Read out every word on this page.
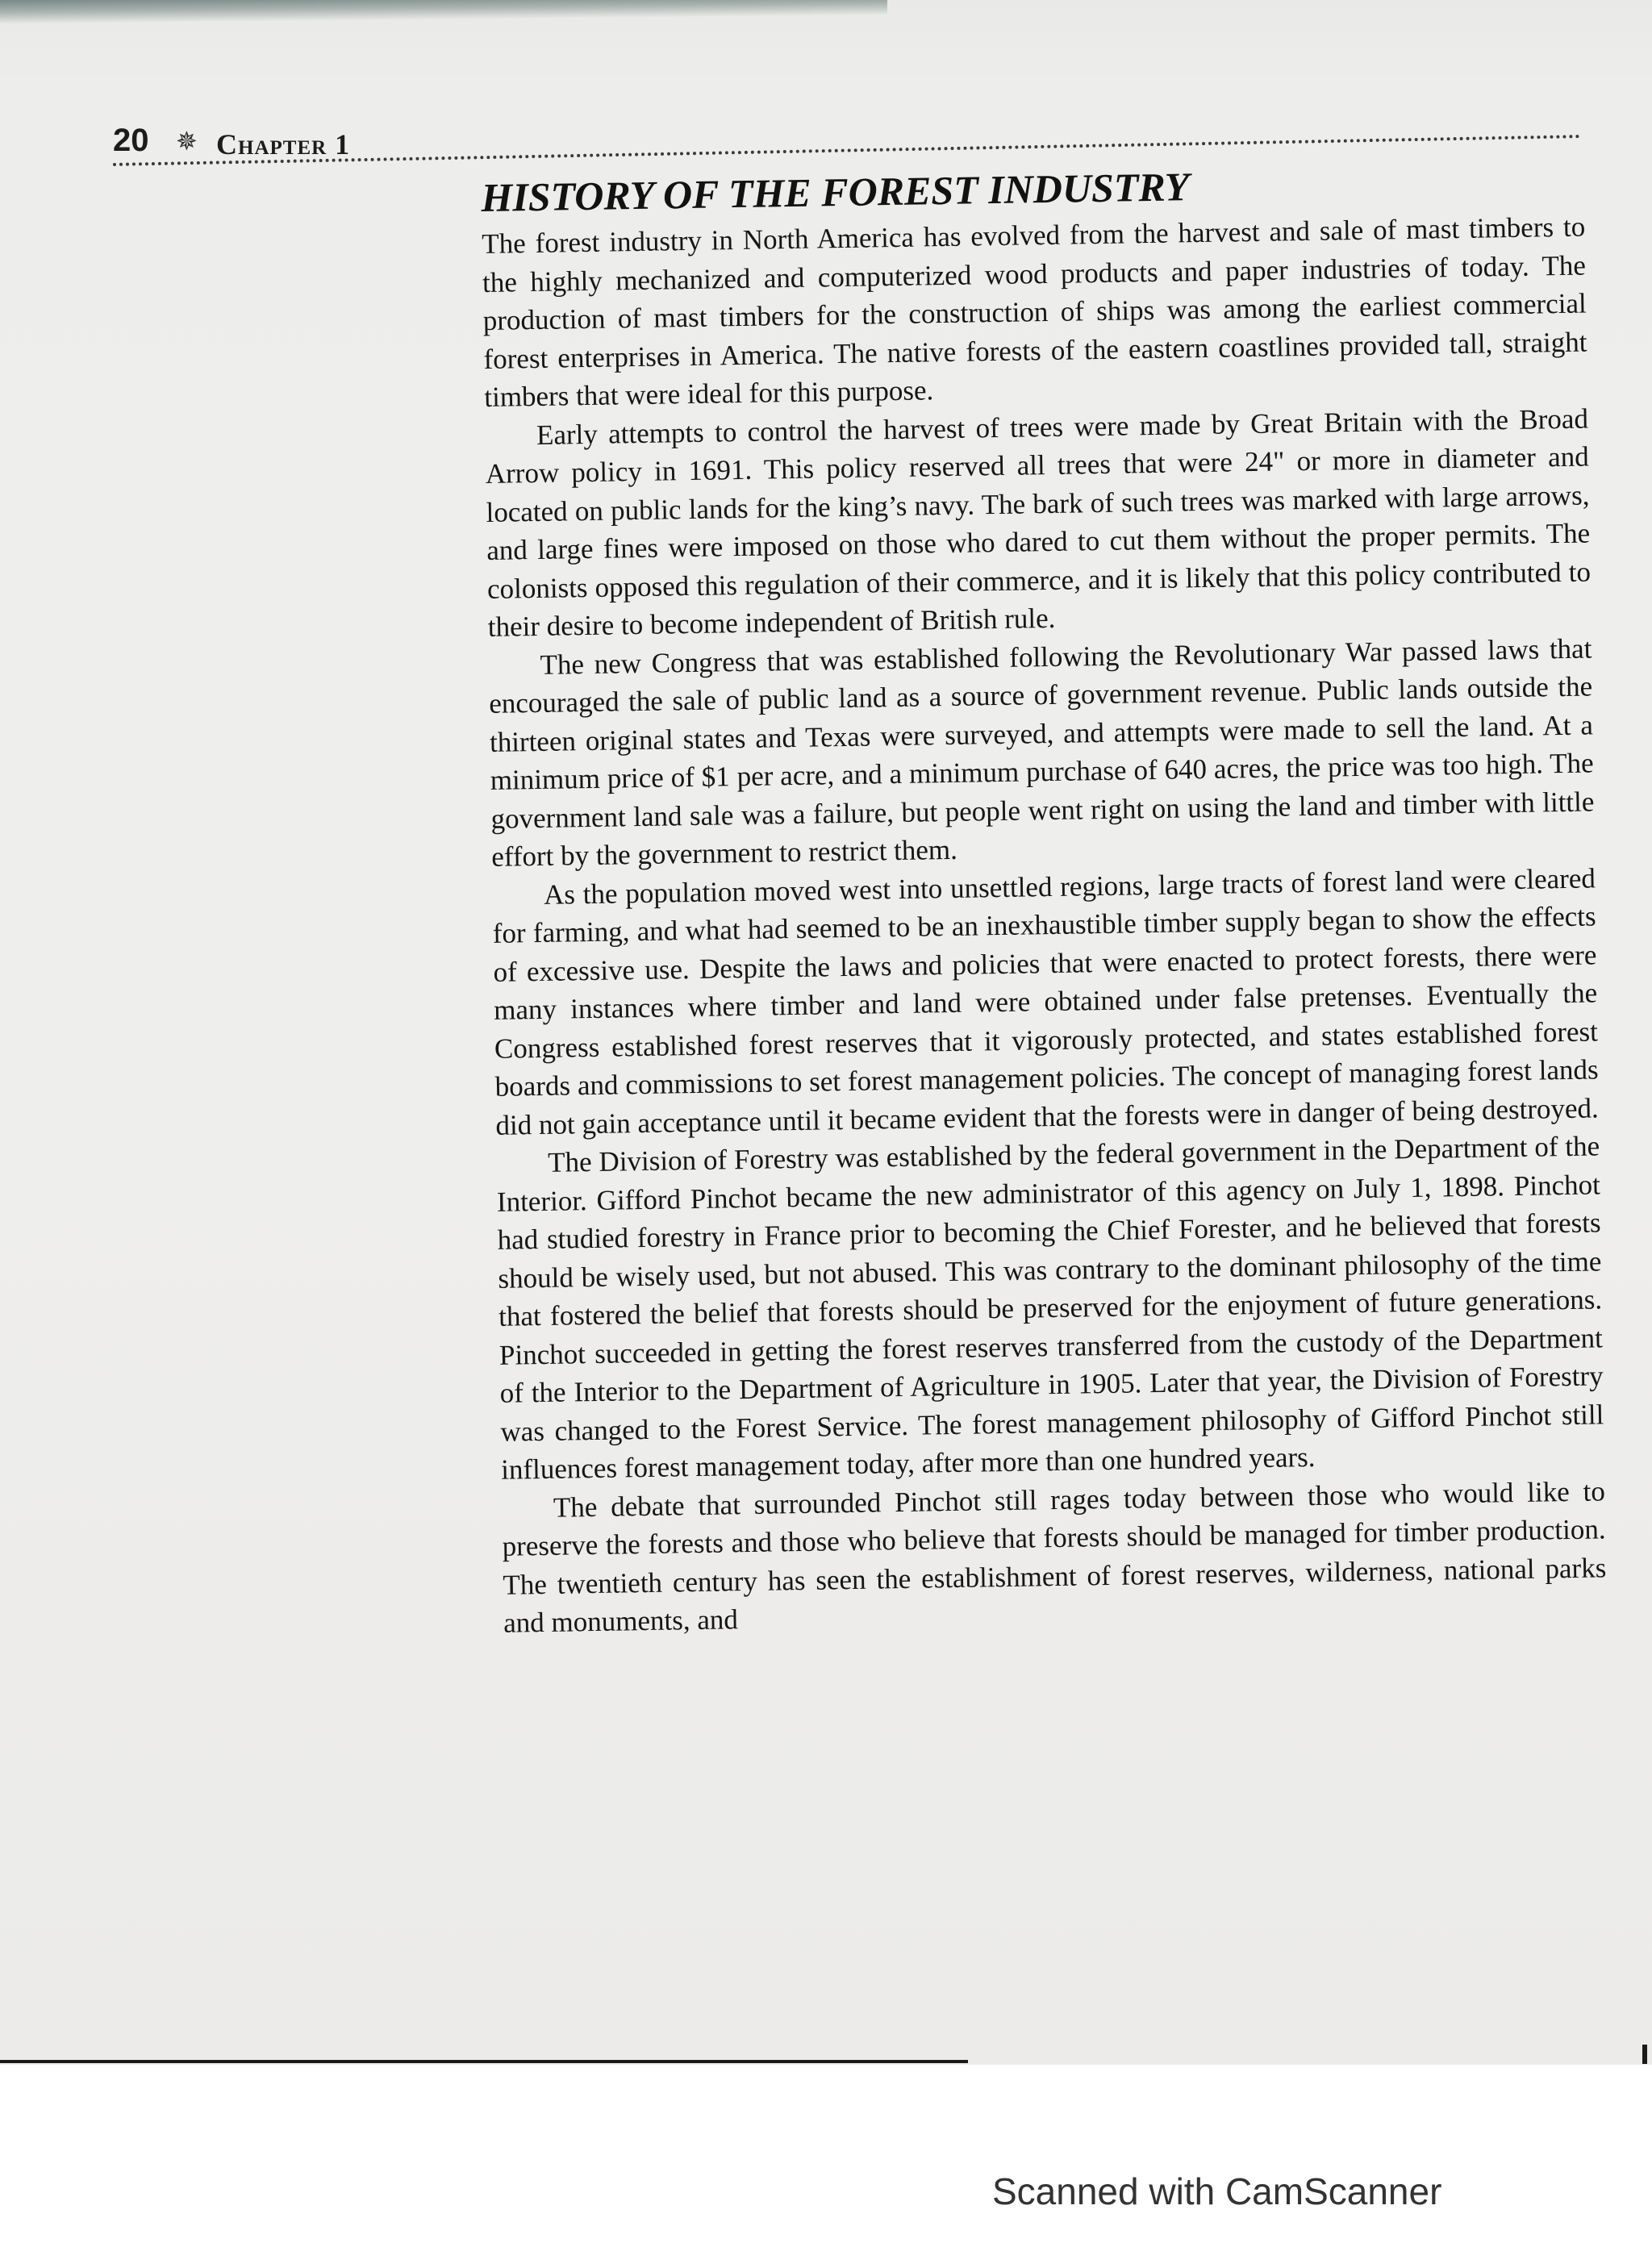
20 ✵ Chapter 1
HISTORY OF THE FOREST INDUSTRY

The forest industry in North America has evolved from the harvest and sale of mast timbers to the highly mechanized and computerized wood products and paper industries of today. The production of mast timbers for the construction of ships was among the earliest commercial forest enterprises in America. The native forests of the eastern coastlines provided tall, straight timbers that were ideal for this purpose.

Early attempts to control the harvest of trees were made by Great Britain with the Broad Arrow policy in 1691. This policy reserved all trees that were 24" or more in diameter and located on public lands for the king’s navy. The bark of such trees was marked with large arrows, and large fines were imposed on those who dared to cut them without the proper permits. The colonists opposed this regulation of their commerce, and it is likely that this policy contributed to their desire to become independent of British rule.

The new Congress that was established following the Revolutionary War passed laws that encouraged the sale of public land as a source of government revenue. Public lands outside the thirteen original states and Texas were surveyed, and attempts were made to sell the land. At a minimum price of $1 per acre, and a minimum purchase of 640 acres, the price was too high. The government land sale was a failure, but people went right on using the land and timber with little effort by the government to restrict them.

As the population moved west into unsettled regions, large tracts of forest land were cleared for farming, and what had seemed to be an inexhaustible timber supply began to show the effects of excessive use. Despite the laws and policies that were enacted to protect forests, there were many instances where timber and land were obtained under false pretenses. Eventually the Congress established forest reserves that it vigorously protected, and states established forest boards and commissions to set forest management policies. The concept of managing forest lands did not gain acceptance until it became evident that the forests were in danger of being destroyed.

The Division of Forestry was established by the federal government in the Department of the Interior. Gifford Pinchot became the new administrator of this agency on July 1, 1898. Pinchot had studied forestry in France prior to becoming the Chief Forester, and he believed that forests should be wisely used, but not abused. This was contrary to the dominant philosophy of the time that fostered the belief that forests should be preserved for the enjoyment of future generations. Pinchot succeeded in getting the forest reserves transferred from the custody of the Department of the Interior to the Department of Agriculture in 1905. Later that year, the Division of Forestry was changed to the Forest Service. The forest management philosophy of Gifford Pinchot still influences forest management today, after more than one hundred years.

The debate that surrounded Pinchot still rages today between those who would like to preserve the forests and those who believe that forests should be managed for timber production. The twentieth century has seen the establishment of forest reserves, wilderness, national parks and monuments, and

Scanned with CamScanner
